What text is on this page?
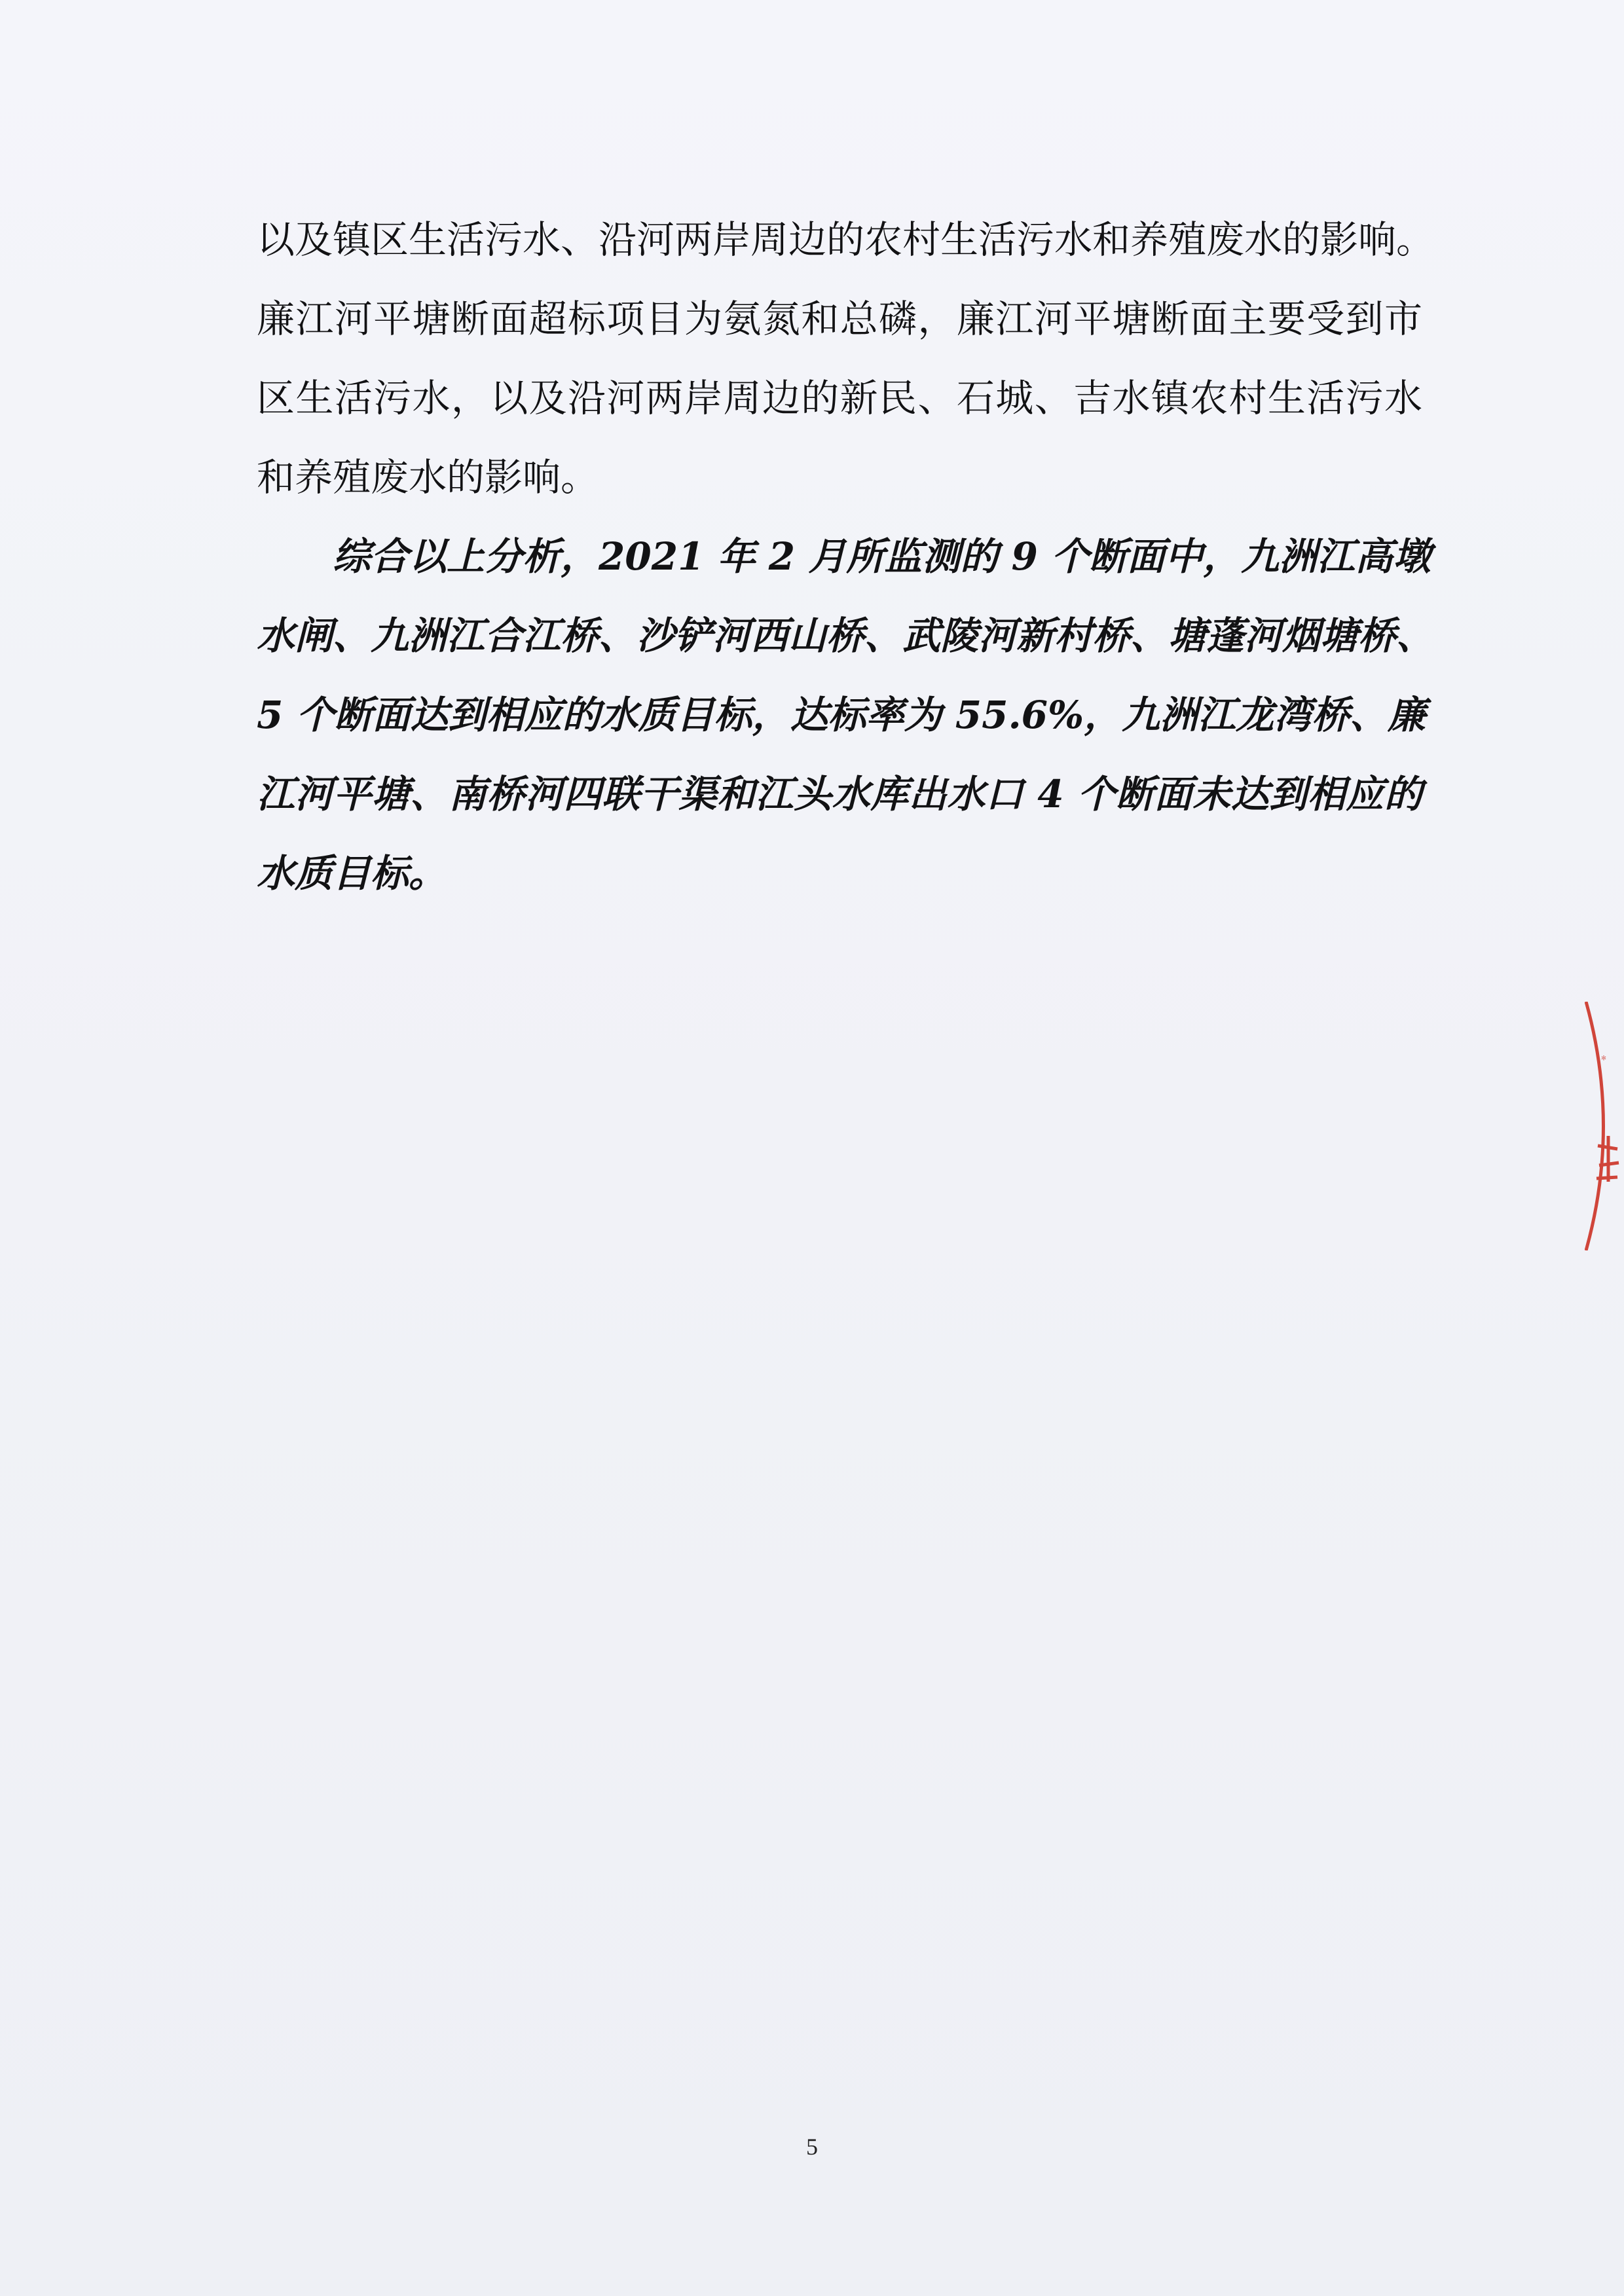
以及镇区生活污水、沿河两岸周边的农村生活污水和养殖废水的影响。
廉江河平塘断面超标项目为氨氮和总磷，廉江河平塘断面主要受到市
区生活污水，以及沿河两岸周边的新民、石城、吉水镇农村生活污水
和养殖废水的影响。
　　综合以上分析，2021 年 2 月所监测的 9 个断面中，九洲江高墩
水闸、九洲江合江桥、沙铲河西山桥、武陵河新村桥、塘蓬河烟塘桥、
5 个断面达到相应的水质目标，达标率为 55.6%，九洲江龙湾桥、廉
江河平塘、南桥河四联干渠和江头水库出水口 4 个断面未达到相应的
水质目标。
5
﹡
